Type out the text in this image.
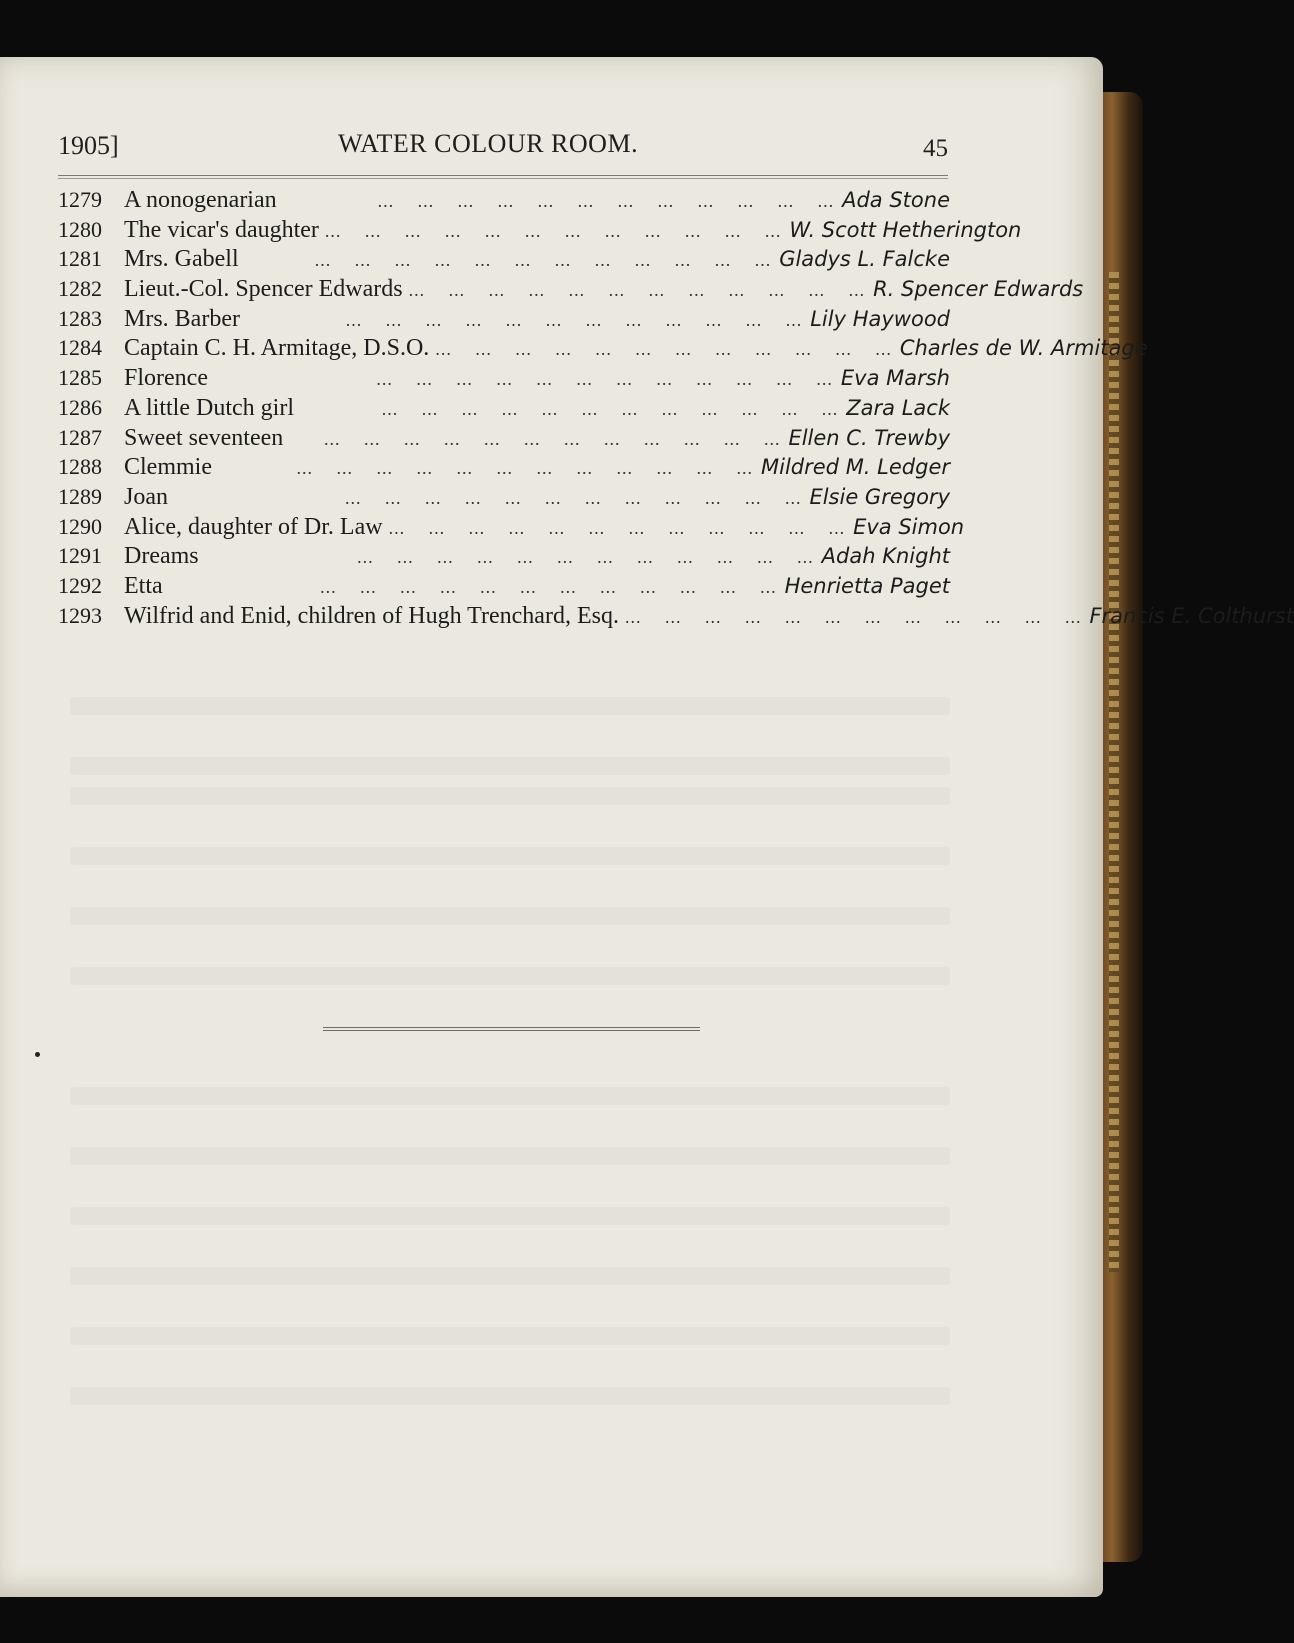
1905]	WATER COLOUR ROOM.	45
1279 A nonogenarian	... ... ... ... ... ... ... ... ... ... ... ... Ada Stone
1280 The vicar's daughter ... ... ... ... ... ... ... ... ... ... ... ... W. Scott Hetherington
1281 Mrs. Gabell	... ... ... ... ... ... ... ... ... ... ... ... Gladys L. Falcke
1282 Lieut.-Col. Spencer Edwards ... ... ... ... ... ... ... ... ... ... ... ... R. Spencer Edwards
1283 Mrs. Barber	... ... ... ... ... ... ... ... ... ... ... ... Lily Haywood
1284 Captain C. H. Armitage, D.S.O. ... ... ... ... ... ... ... ... ... ... ... ... Charles de W. Armitage
1285 Florence	... ... ... ... ... ... ... ... ... ... ... ... Eva Marsh
1286 A little Dutch girl	... ... ... ... ... ... ... ... ... ... ... ... Zara Lack
1287 Sweet seventeen	... ... ... ... ... ... ... ... ... ... ... ... Ellen C. Trewby
1288 Clemmie	... ... ... ... ... ... ... ... ... ... ... ... Mildred M. Ledger
1289 Joan	... ... ... ... ... ... ... ... ... ... ... ... Elsie Gregory
1290 Alice, daughter of Dr. Law ... ... ... ... ... ... ... ... ... ... ... ... Eva Simon
1291 Dreams	... ... ... ... ... ... ... ... ... ... ... ... Adah Knight
1292 Etta	... ... ... ... ... ... ... ... ... ... ... ... Henrietta Paget
1293 Wilfrid and Enid, children of Hugh Trenchard, Esq. ... ... ... ... ... ... ... ... ... ... ... ... Francis E. Colthurst
